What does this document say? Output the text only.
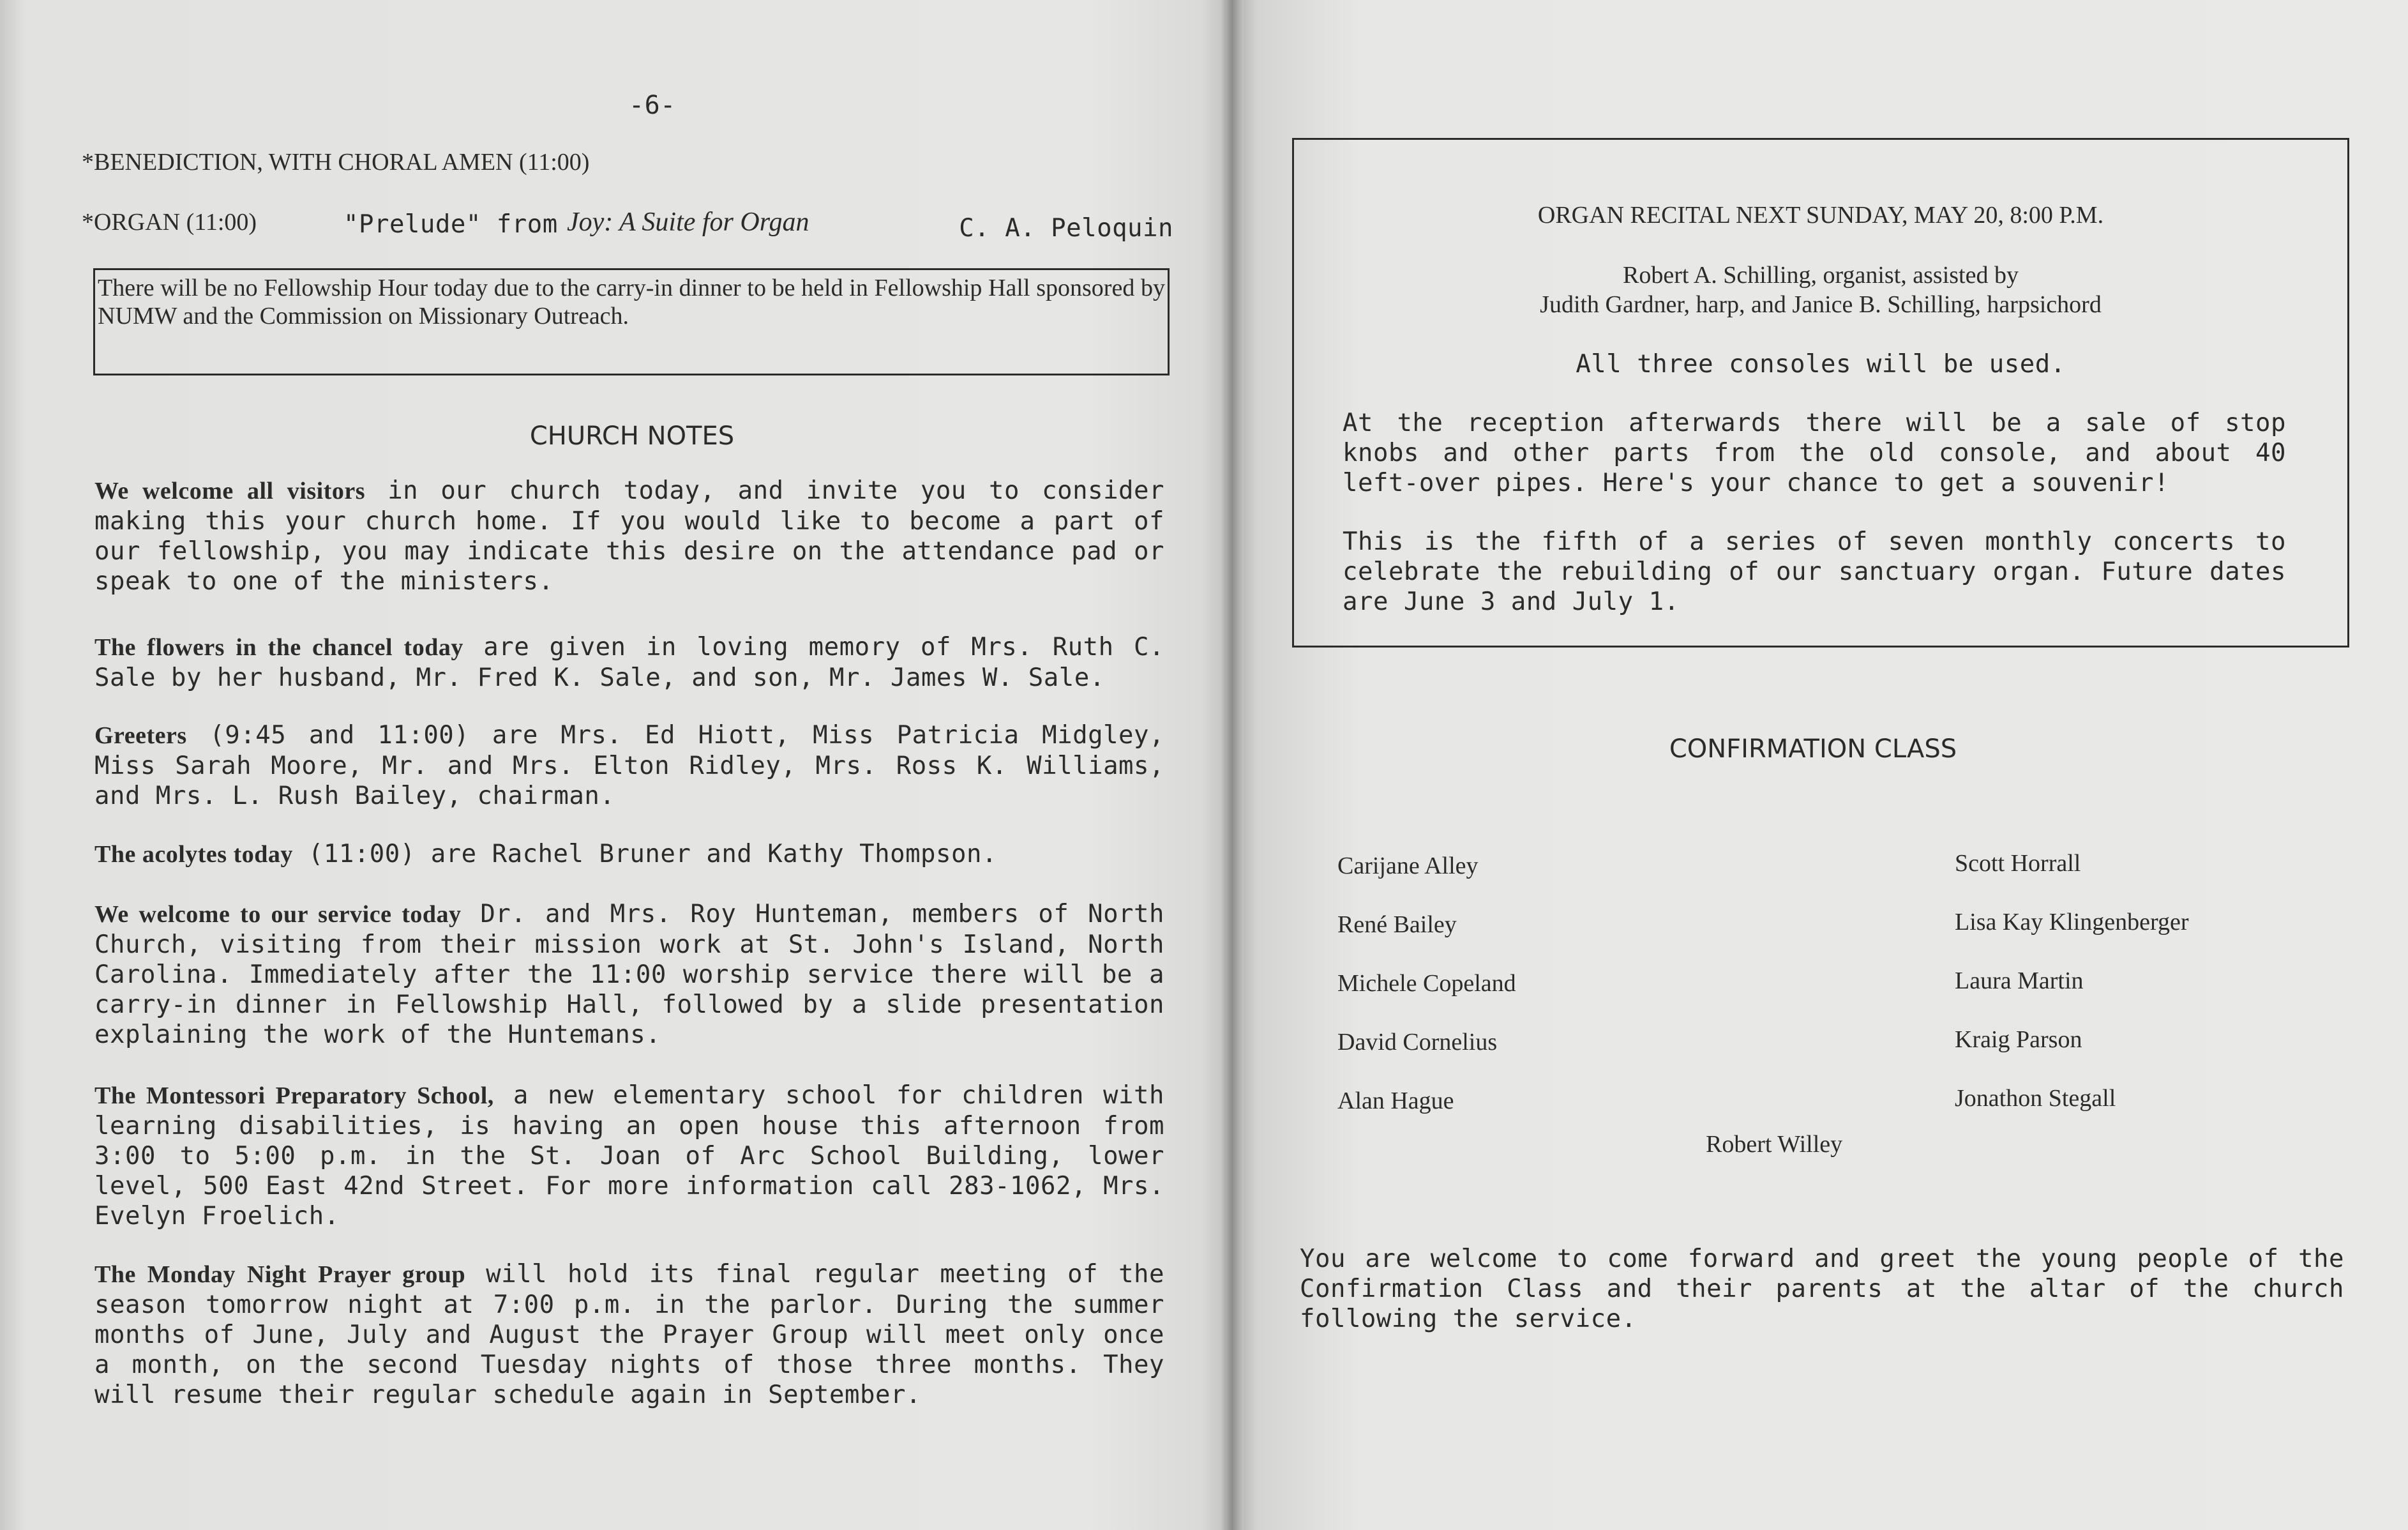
-6-
*BENEDICTION, WITH CHORAL AMEN (11:00)
*ORGAN (11:00)	"Prelude" from Joy: A Suite for Organ	C. A. Peloquin
There will be no Fellowship Hour today due to the carry-in dinner to be held in Fellowship Hall sponsored by NUMW and the Commission on Missionary Outreach.
CHURCH NOTES
We welcome all visitors in our church today, and invite you to consider making this your church home. If you would like to become a part of our fellowship, you may indicate this desire on the attendance pad or speak to one of the ministers.
The flowers in the chancel today are given in loving memory of Mrs. Ruth C. Sale by her husband, Mr. Fred K. Sale, and son, Mr. James W. Sale.
Greeters (9:45 and 11:00) are Mrs. Ed Hiott, Miss Patricia Midgley, Miss Sarah Moore, Mr. and Mrs. Elton Ridley, Mrs. Ross K. Williams, and Mrs. L. Rush Bailey, chairman.
The acolytes today (11:00) are Rachel Bruner and Kathy Thompson.
We welcome to our service today Dr. and Mrs. Roy Hunteman, members of North Church, visiting from their mission work at St. John's Island, North Carolina. Immediately after the 11:00 worship service there will be a carry-in dinner in Fellowship Hall, followed by a slide presentation explaining the work of the Huntemans.
The Montessori Preparatory School, a new elementary school for children with learning disabilities, is having an open house this afternoon from 3:00 to 5:00 p.m. in the St. Joan of Arc School Building, lower level, 500 East 42nd Street. For more information call 283-1062, Mrs. Evelyn Froelich.
The Monday Night Prayer group will hold its final regular meeting of the season tomorrow night at 7:00 p.m. in the parlor. During the summer months of June, July and August the Prayer Group will meet only once a month, on the second Tuesday nights of those three months. They will resume their regular schedule again in September.
ORGAN RECITAL NEXT SUNDAY, MAY 20, 8:00 P.M.
Robert A. Schilling, organist, assisted by
Judith Gardner, harp, and Janice B. Schilling, harpsichord
All three consoles will be used.
At the reception afterwards there will be a sale of stop knobs and other parts from the old console, and about 40 left-over pipes. Here's your chance to get a souvenir!
This is the fifth of a series of seven monthly concerts to celebrate the rebuilding of our sanctuary organ. Future dates are June 3 and July 1.
CONFIRMATION CLASS
Carijane Alley
René Bailey
Michele Copeland
David Cornelius
Alan Hague
Scott Horrall
Lisa Kay Klingenberger
Laura Martin
Kraig Parson
Jonathon Stegall
Robert Willey
You are welcome to come forward and greet the young people of the Confirmation Class and their parents at the altar of the church following the service.
